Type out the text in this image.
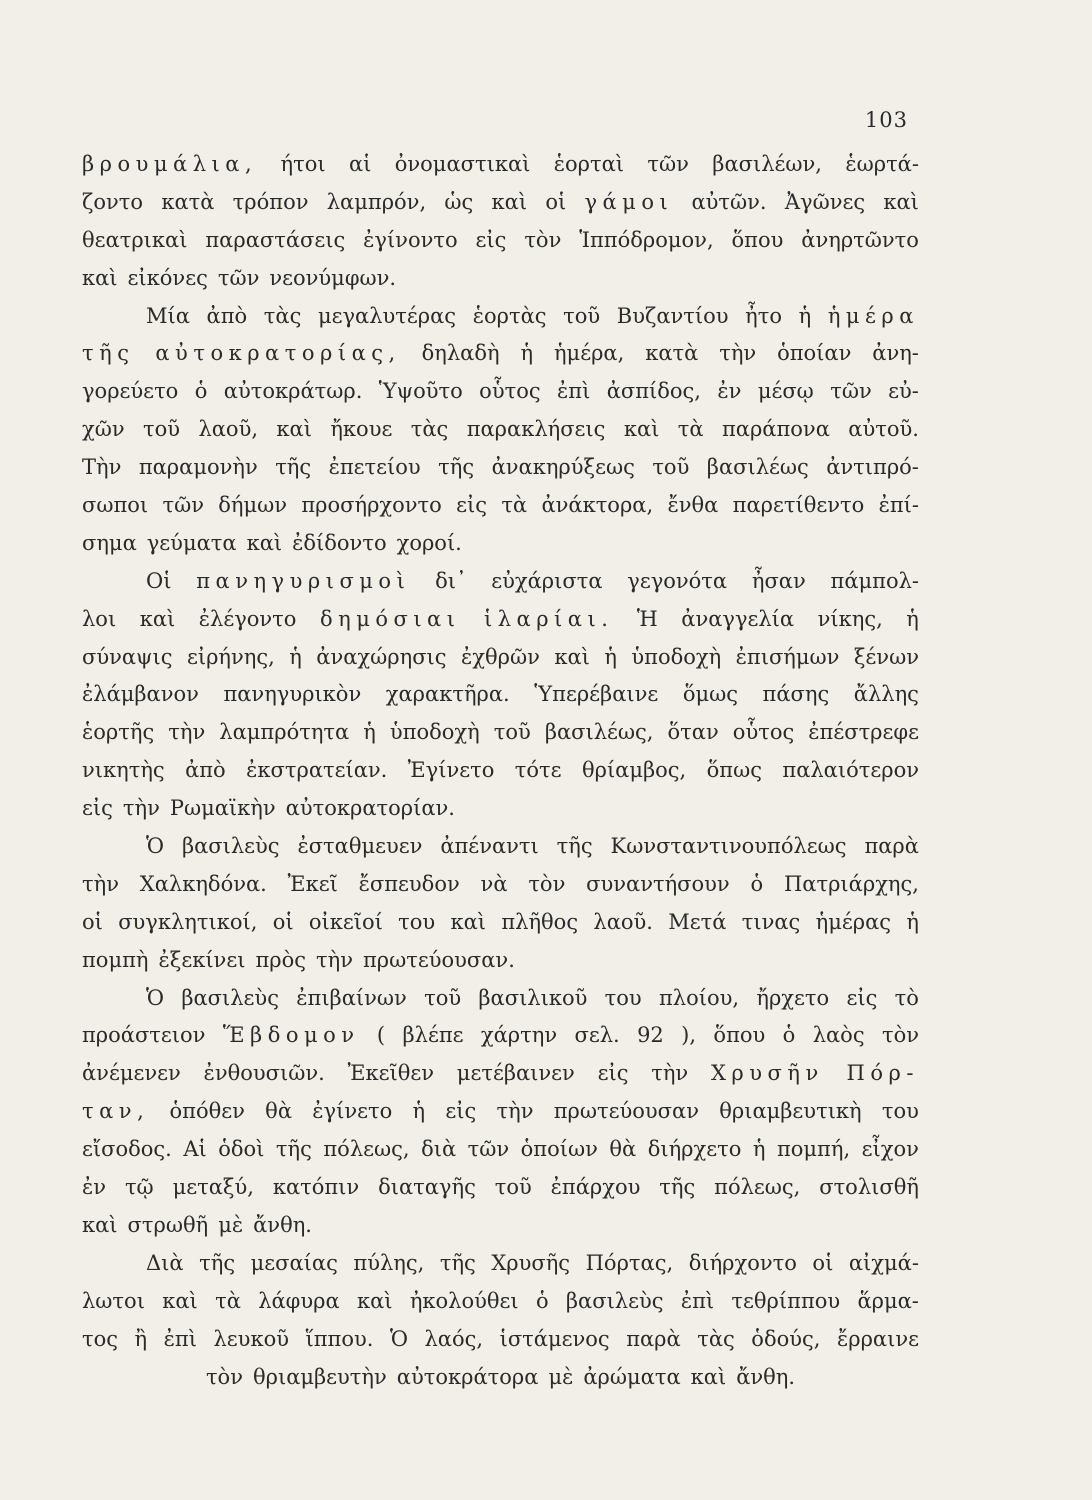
103
βρουμάλια, ήτοι αἱ ὀνομαστικαὶ ἑορταὶ τῶν βασιλέων, ἑωρτά-
ζοντο κατὰ τρόπον λαμπρόν, ὡς καὶ οἱ γάμοι αὐτῶν. Ἀγῶνες καὶ
θεατρικαὶ παραστάσεις ἐγίνοντο εἰς τὸν Ἱππόδρομον, ὅπου ἀνηρτῶντο
καὶ εἰκόνες τῶν νεονύμφων.
Μία ἀπὸ τὰς μεγαλυτέρας ἑορτὰς τοῦ Βυζαντίου ἦτο ἡ ἡμέρα
τῆς αὐτοκρατορίας, δηλαδὴ ἡ ἡμέρα, κατὰ τὴν ὁποίαν ἀνη-
γορεύετο ὁ αὐτοκράτωρ. Ὑψοῦτο οὗτος ἐπὶ ἀσπίδος, ἐν μέσῳ τῶν εὐ-
χῶν τοῦ λαοῦ, καὶ ἤκουε τὰς παρακλήσεις καὶ τὰ παράπονα αὐτοῦ.
Τὴν παραμονὴν τῆς ἐπετείου τῆς ἀνακηρύξεως τοῦ βασιλέως ἀντιπρό-
σωποι τῶν δήμων προσήρχοντο εἰς τὰ ἀνάκτορα, ἔνθα παρετίθεντο ἐπί-
σημα γεύματα καὶ ἐδίδοντο χοροί.
Οἱ πανηγυρισμοὶ δι᾽ εὐχάριστα γεγονότα ἦσαν πάμπολ-
λοι καὶ ἐλέγοντο δημόσιαι ἱλαρίαι. Ἡ ἀναγγελία νίκης, ἡ
σύναψις εἰρήνης, ἡ ἀναχώρησις ἐχθρῶν καὶ ἡ ὑποδοχὴ ἐπισήμων ξένων
ἐλάμβανον πανηγυρικὸν χαρακτῆρα. Ὑπερέβαινε ὅμως πάσης ἄλλης
ἑορτῆς τὴν λαμπρότητα ἡ ὑποδοχὴ τοῦ βασιλέως, ὅταν οὗτος ἐπέστρεφε
νικητὴς ἀπὸ ἐκστρατείαν. Ἐγίνετο τότε θρίαμβος, ὅπως παλαιότερον
εἰς τὴν Ρωμαϊκὴν αὐτοκρατορίαν.
Ὁ βασιλεὺς ἐσταθμευεν ἀπέναντι τῆς Κωνσταντινουπόλεως παρὰ
τὴν Χαλκηδόνα. Ἐκεῖ ἔσπευδον νὰ τὸν συναντήσουν ὁ Πατριάρχης,
οἱ συγκλητικοί, οἱ οἰκεῖοί του καὶ πλῆθος λαοῦ. Μετά τινας ἡμέρας ἡ
πομπὴ ἐξεκίνει πρὸς τὴν πρωτεύουσαν.
Ὁ βασιλεὺς ἐπιβαίνων τοῦ βασιλικοῦ του πλοίου, ἤρχετο εἰς τὸ
προάστειον Ἕβδομον ( βλέπε χάρτην σελ. 92 ), ὅπου ὁ λαὸς τὸν
ἀνέμενεν ἐνθουσιῶν. Ἐκεῖθεν μετέβαινεν εἰς τὴν Χρυσῆν Πόρ-
ταν, ὁπόθεν θὰ ἐγίνετο ἡ εἰς τὴν πρωτεύουσαν θριαμβευτικὴ του
εἴσοδος. Αἱ ὁδοὶ τῆς πόλεως, διὰ τῶν ὁποίων θὰ διήρχετο ἡ πομπή, εἶχον
ἐν τῷ μεταξύ, κατόπιν διαταγῆς τοῦ ἐπάρχου τῆς πόλεως, στολισθῆ
καὶ στρωθῆ μὲ ἄνθη.
Διὰ τῆς μεσαίας πύλης, τῆς Χρυσῆς Πόρτας, διήρχοντο οἱ αἰχμά-
λωτοι καὶ τὰ λάφυρα καὶ ἠκολούθει ὁ βασιλεὺς ἐπὶ τεθρίππου ἅρμα-
τος ἢ ἐπὶ λευκοῦ ἵππου. Ὁ λαός, ἱστάμενος παρὰ τὰς ὁδούς, ἔρραινε
τὸν θριαμβευτὴν αὐτοκράτορα μὲ ἀρώματα καὶ ἄνθη.
